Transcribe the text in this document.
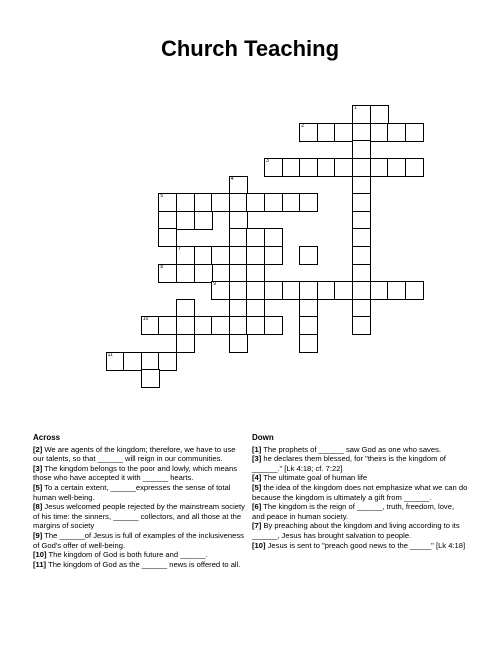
Church Teaching
1
2
3
4
5
7
8
9
10
11
Across

[2] We are agents of the kingdom; therefore, we have to use our talents, so that ______ will reign in our communities.

[3] The kingdom belongs to the poor and lowly, which means those who have accepted it with ______ hearts.

[5] To a certain extent, ______expresses the sense of total human well-being.

[8] Jesus welcomed people rejected by the mainstream society of his time: the sinners, ______ collectors, and all those at the margins of society

[9] The ______of Jesus is full of examples of the inclusiveness of God's offer of well-being.

[10] The kingdom of God is both future and ______.

[11] The kingdom of God as the ______ news is offered to all.

Down

[1] The prophets of ______ saw God as one who saves.

[3] he declares them blessed, for "theirs is the kingdom of ______." [Lk 4:18; cf. 7:22]

[4] The ultimate goal of human life

[5] the idea of the kingdom does not emphasize what we can do because the kingdom is ultimately a gift from ______.

[6] The kingdom is the reign of ______, truth, freedom, love, and peace in human society.

[7] By preaching about the kingdom and living according to its ______, Jesus has brought salvation to people.

[10] Jesus is sent to "preach good news to the _____" [Lk 4:18]
